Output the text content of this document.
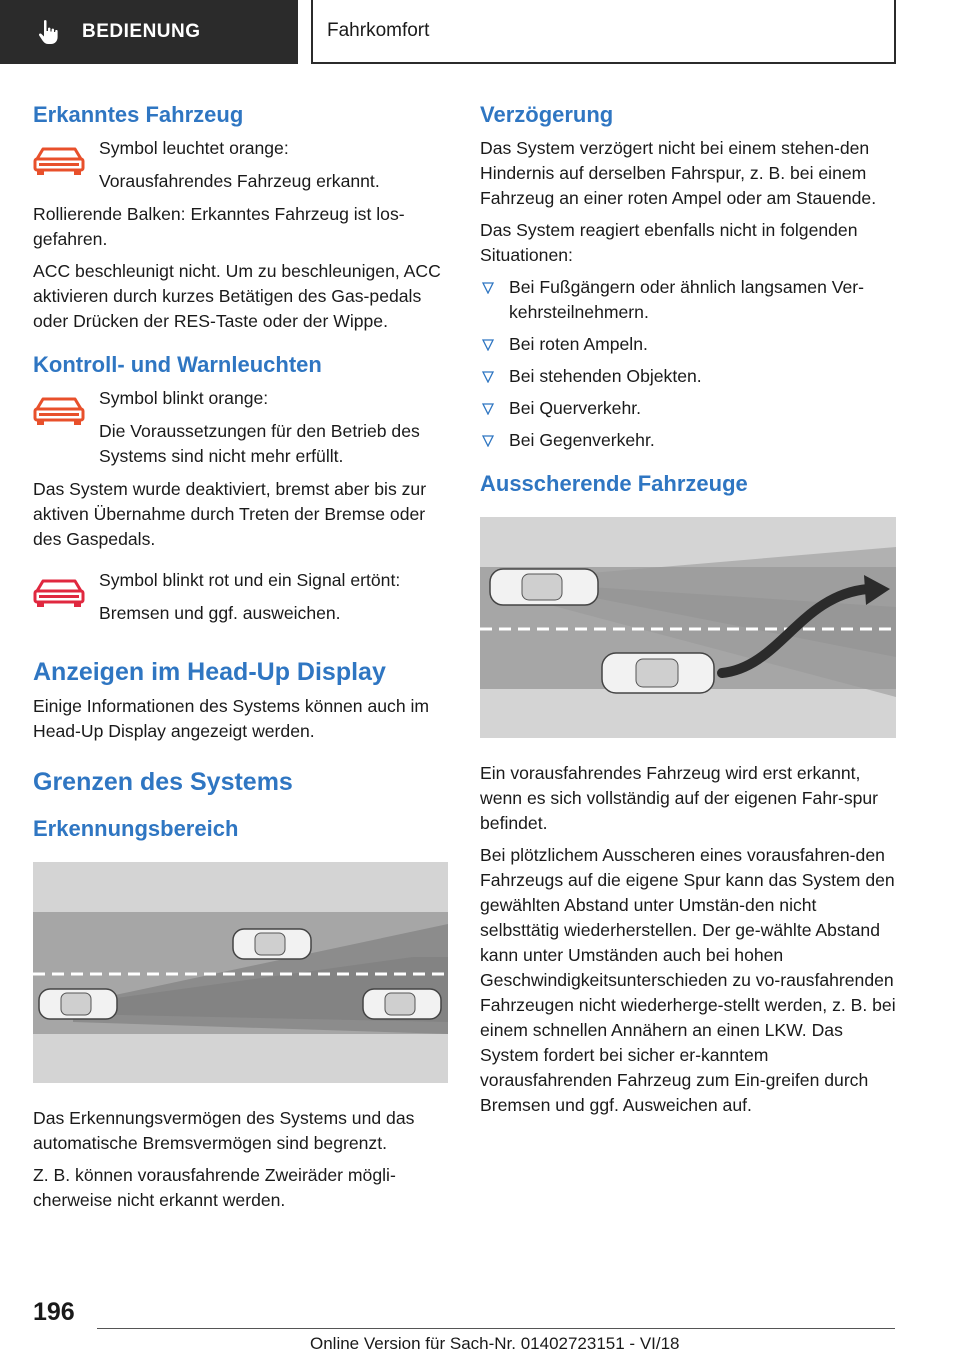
BEDIENUNG	Fahrkomfort
Erkanntes Fahrzeug

Symbol leuchtet orange:

Vorausfahrendes Fahrzeug erkannt.

Rollierende Balken: Erkanntes Fahrzeug ist los-gefahren.

ACC beschleunigt nicht. Um zu beschleunigen, ACC aktivieren durch kurzes Betätigen des Gas-pedals oder Drücken der RES-Taste oder der Wippe.

Kontroll- und Warnleuchten

Symbol blinkt orange:

Die Voraussetzungen für den Betrieb des Systems sind nicht mehr erfüllt.

Das System wurde deaktiviert, bremst aber bis zur aktiven Übernahme durch Treten der Bremse oder des Gaspedals.

Symbol blinkt rot und ein Signal ertönt:

Bremsen und ggf. ausweichen.

Anzeigen im Head-Up Display

Einige Informationen des Systems können auch im Head-Up Display angezeigt werden.

Grenzen des Systems
Erkennungsbereich

Das Erkennungsvermögen des Systems und das automatische Bremsvermögen sind begrenzt.

Z. B. können vorausfahrende Zweiräder mögli-cherweise nicht erkannt werden.

Verzögerung

Das System verzögert nicht bei einem stehen-den Hindernis auf derselben Fahrspur, z. B. bei einem Fahrzeug an einer roten Ampel oder am Stauende.

Das System reagiert ebenfalls nicht in folgenden Situationen:

Bei Fußgängern oder ähnlich langsamen Ver-kehrsteilnehmern.
Bei roten Ampeln.
Bei stehenden Objekten.
Bei Querverkehr.
Bei Gegenverkehr.
Ausscherende Fahrzeuge

Ein vorausfahrendes Fahrzeug wird erst erkannt, wenn es sich vollständig auf der eigenen Fahr-spur befindet.

Bei plötzlichem Ausscheren eines vorausfahren-den Fahrzeugs auf die eigene Spur kann das System den gewählten Abstand unter Umstän-den nicht selbsttätig wiederherstellen. Der ge-wählte Abstand kann unter Umständen auch bei hohen Geschwindigkeitsunterschieden zu vo-rausfahrenden Fahrzeugen nicht wiederherge-stellt werden, z. B. bei einem schnellen Annähern an einen LKW. Das System fordert bei sicher er-kanntem vorausfahrenden Fahrzeug zum Ein-greifen durch Bremsen und ggf. Ausweichen auf.

196
Online Version für Sach-Nr. 01402723151 - VI/18
